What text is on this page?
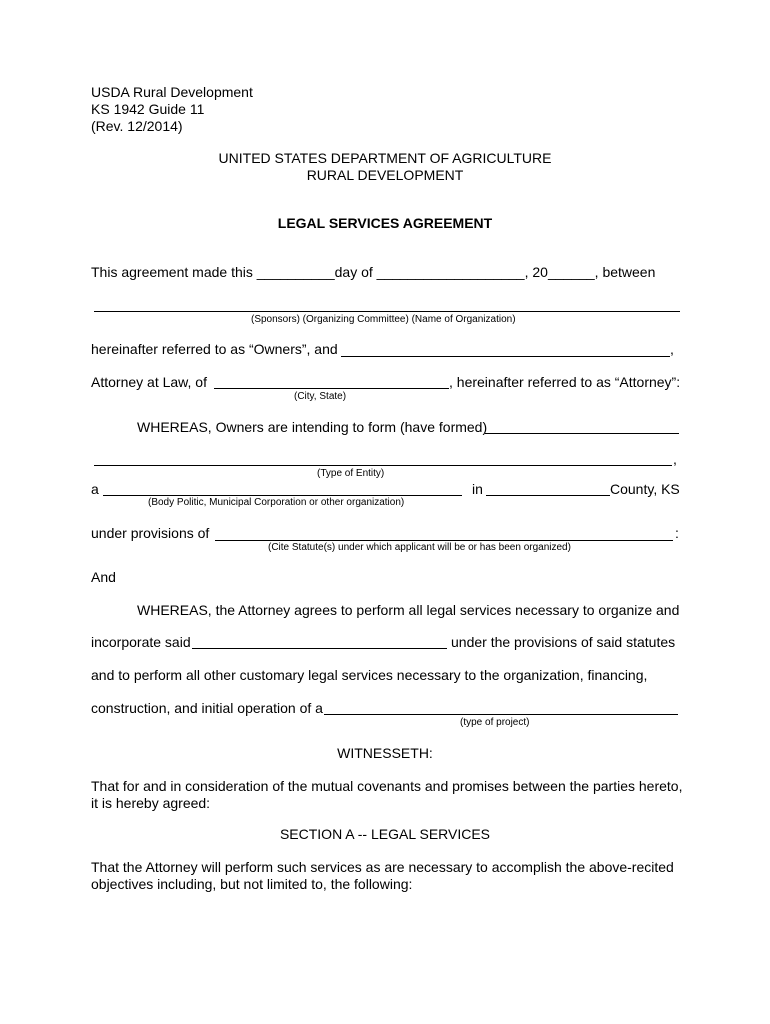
USDA Rural Development
KS 1942 Guide 11
(Rev. 12/2014)
UNITED STATES DEPARTMENT OF AGRICULTURE
RURAL DEVELOPMENT
LEGAL SERVICES AGREEMENT
This agreement made this __________day of ___________________, 20______, between
(Sponsors) (Organizing Committee) (Name of Organization)
hereinafter referred to as “Owners”, and	,
Attorney at Law, of	, hereinafter referred to as “Attorney”:
(City, State)
WHEREAS, Owners are intending to form (have formed)
,
(Type of Entity)
a	in	County, KS
(Body Politic, Municipal Corporation or other organization)
under provisions of	:
(Cite Statute(s) under which applicant will be or has been organized)
And
WHEREAS, the Attorney agrees to perform all legal services necessary to organize and
incorporate said	under the provisions of said statutes
and to perform all other customary legal services necessary to the organization, financing,
construction, and initial operation of a
(type of project)
WITNESSETH:
That for and in consideration of the mutual covenants and promises between the parties hereto, it is hereby agreed:
SECTION A -- LEGAL SERVICES
That the Attorney will perform such services as are necessary to accomplish the above-recited objectives including, but not limited to, the following:
